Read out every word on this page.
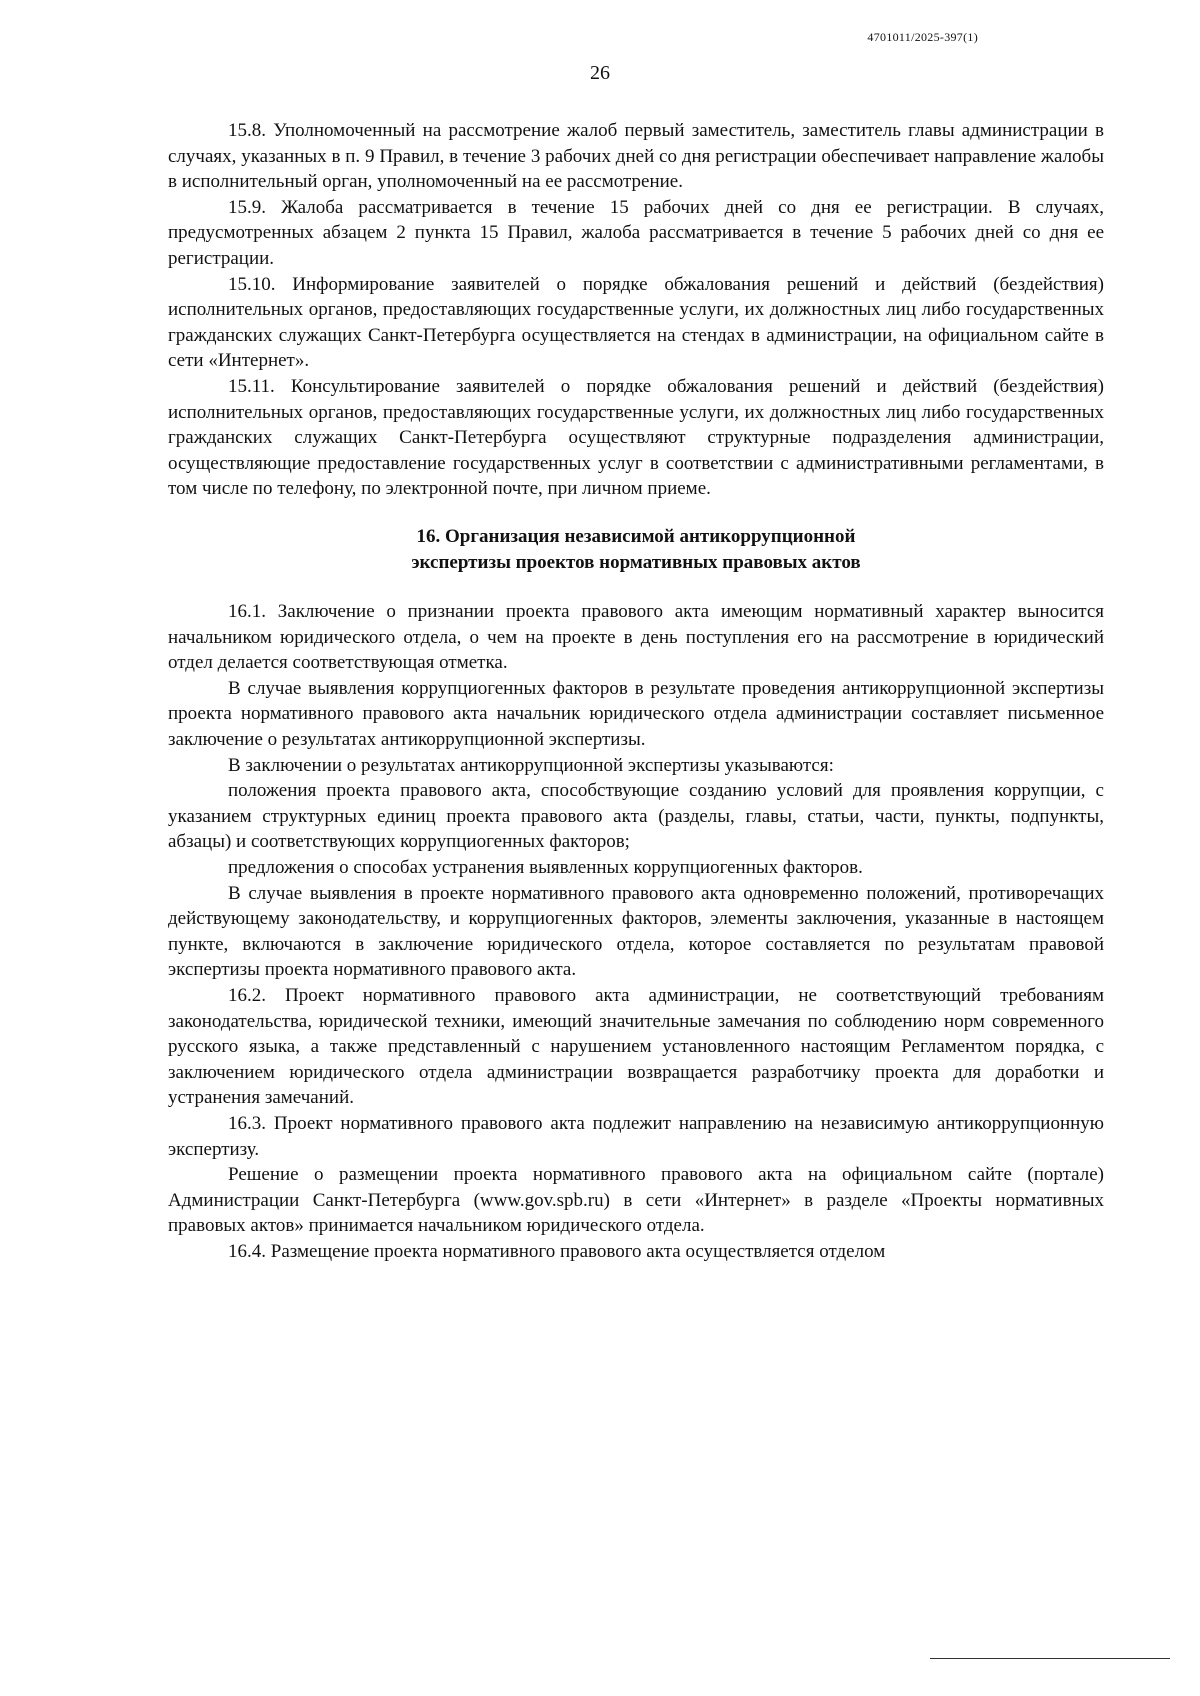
4701011/2025-397(1)
26

15.8. Уполномоченный на рассмотрение жалоб первый заместитель, заместитель главы администрации в случаях, указанных в п. 9 Правил, в течение 3 рабочих дней со дня регистрации обеспечивает направление жалобы в исполнительный орган, уполномоченный на ее рассмотрение.

15.9. Жалоба рассматривается в течение 15 рабочих дней со дня ее регистрации. В случаях, предусмотренных абзацем 2 пункта 15 Правил, жалоба рассматривается в течение 5 рабочих дней со дня ее регистрации.

15.10. Информирование заявителей о порядке обжалования решений и действий (бездействия) исполнительных органов, предоставляющих государственные услуги, их должностных лиц либо государственных гражданских служащих Санкт-Петербурга осуществляется на стендах в администрации, на официальном сайте в сети «Интернет».

15.11. Консультирование заявителей о порядке обжалования решений и действий (бездействия) исполнительных органов, предоставляющих государственные услуги, их должностных лиц либо государственных гражданских служащих Санкт-Петербурга осуществляют структурные подразделения администрации, осуществляющие предоставление государственных услуг в соответствии с административными регламентами, в том числе по телефону, по электронной почте, при личном приеме.

16. Организация независимой антикоррупционной
экспертизы проектов нормативных правовых актов

16.1. Заключение о признании проекта правового акта имеющим нормативный характер выносится начальником юридического отдела, о чем на проекте в день поступления его на рассмотрение в юридический отдел делается соответствующая отметка.

В случае выявления коррупциогенных факторов в результате проведения антикоррупционной экспертизы проекта нормативного правового акта начальник юридического отдела администрации составляет письменное заключение о результатах антикоррупционной экспертизы.

В заключении о результатах антикоррупционной экспертизы указываются:

положения проекта правового акта, способствующие созданию условий для проявления коррупции, с указанием структурных единиц проекта правового акта (разделы, главы, статьи, части, пункты, подпункты, абзацы) и соответствующих коррупциогенных факторов;

предложения о способах устранения выявленных коррупциогенных факторов.

В случае выявления в проекте нормативного правового акта одновременно положений, противоречащих действующему законодательству, и коррупциогенных факторов, элементы заключения, указанные в настоящем пункте, включаются в заключение юридического отдела, которое составляется по результатам правовой экспертизы проекта нормативного правового акта.

16.2. Проект нормативного правового акта администрации, не соответствующий требованиям законодательства, юридической техники, имеющий значительные замечания по соблюдению норм современного русского языка, а также представленный с нарушением установленного настоящим Регламентом порядка, с заключением юридического отдела администрации возвращается разработчику проекта для доработки и устранения замечаний.

16.3. Проект нормативного правового акта подлежит направлению на независимую антикоррупционную экспертизу.

Решение о размещении проекта нормативного правового акта на официальном сайте (портале) Администрации Санкт-Петербурга (www.gov.spb.ru) в сети «Интернет» в разделе «Проекты нормативных правовых актов» принимается начальником юридического отдела.

16.4. Размещение проекта нормативного правового акта осуществляется отделом
